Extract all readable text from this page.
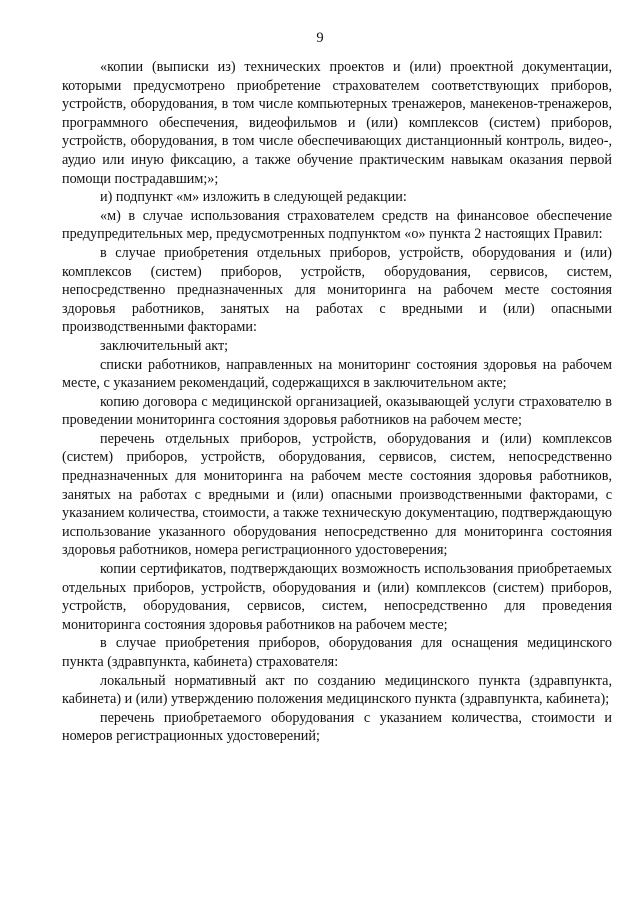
9

«копии (выписки из) технических проектов и (или) проектной документации, которыми предусмотрено приобретение страхователем соответствующих приборов, устройств, оборудования, в том числе компьютерных тренажеров, манекенов-тренажеров, программного обеспечения, видеофильмов и (или) комплексов (систем) приборов, устройств, оборудования, в том числе обеспечивающих дистанционный контроль, видео-, аудио или иную фиксацию, а также обучение практическим навыкам оказания первой помощи пострадавшим;»;

и) подпункт «м» изложить в следующей редакции:

«м) в случае использования страхователем средств на финансовое обеспечение предупредительных мер, предусмотренных подпунктом «о» пункта 2 настоящих Правил:

в случае приобретения отдельных приборов, устройств, оборудования и (или) комплексов (систем) приборов, устройств, оборудования, сервисов, систем, непосредственно предназначенных для мониторинга на рабочем месте состояния здоровья работников, занятых на работах с вредными и (или) опасными производственными факторами:

заключительный акт;

списки работников, направленных на мониторинг состояния здоровья на рабочем месте, с указанием рекомендаций, содержащихся в заключительном акте;

копию договора с медицинской организацией, оказывающей услуги страхователю в проведении мониторинга состояния здоровья работников на рабочем месте;

перечень отдельных приборов, устройств, оборудования и (или) комплексов (систем) приборов, устройств, оборудования, сервисов, систем, непосредственно предназначенных для мониторинга на рабочем месте состояния здоровья работников, занятых на работах с вредными и (или) опасными производственными факторами, с указанием количества, стоимости, а также техническую документацию, подтверждающую использование указанного оборудования непосредственно для мониторинга состояния здоровья работников, номера регистрационного удостоверения;

копии сертификатов, подтверждающих возможность использования приобретаемых отдельных приборов, устройств, оборудования и (или) комплексов (систем) приборов, устройств, оборудования, сервисов, систем, непосредственно для проведения мониторинга состояния здоровья работников на рабочем месте;

в случае приобретения приборов, оборудования для оснащения медицинского пункта (здравпункта, кабинета) страхователя:

локальный нормативный акт по созданию медицинского пункта (здравпункта, кабинета) и (или) утверждению положения медицинского пункта (здравпункта, кабинета);

перечень приобретаемого оборудования с указанием количества, стоимости и номеров регистрационных удостоверений;
